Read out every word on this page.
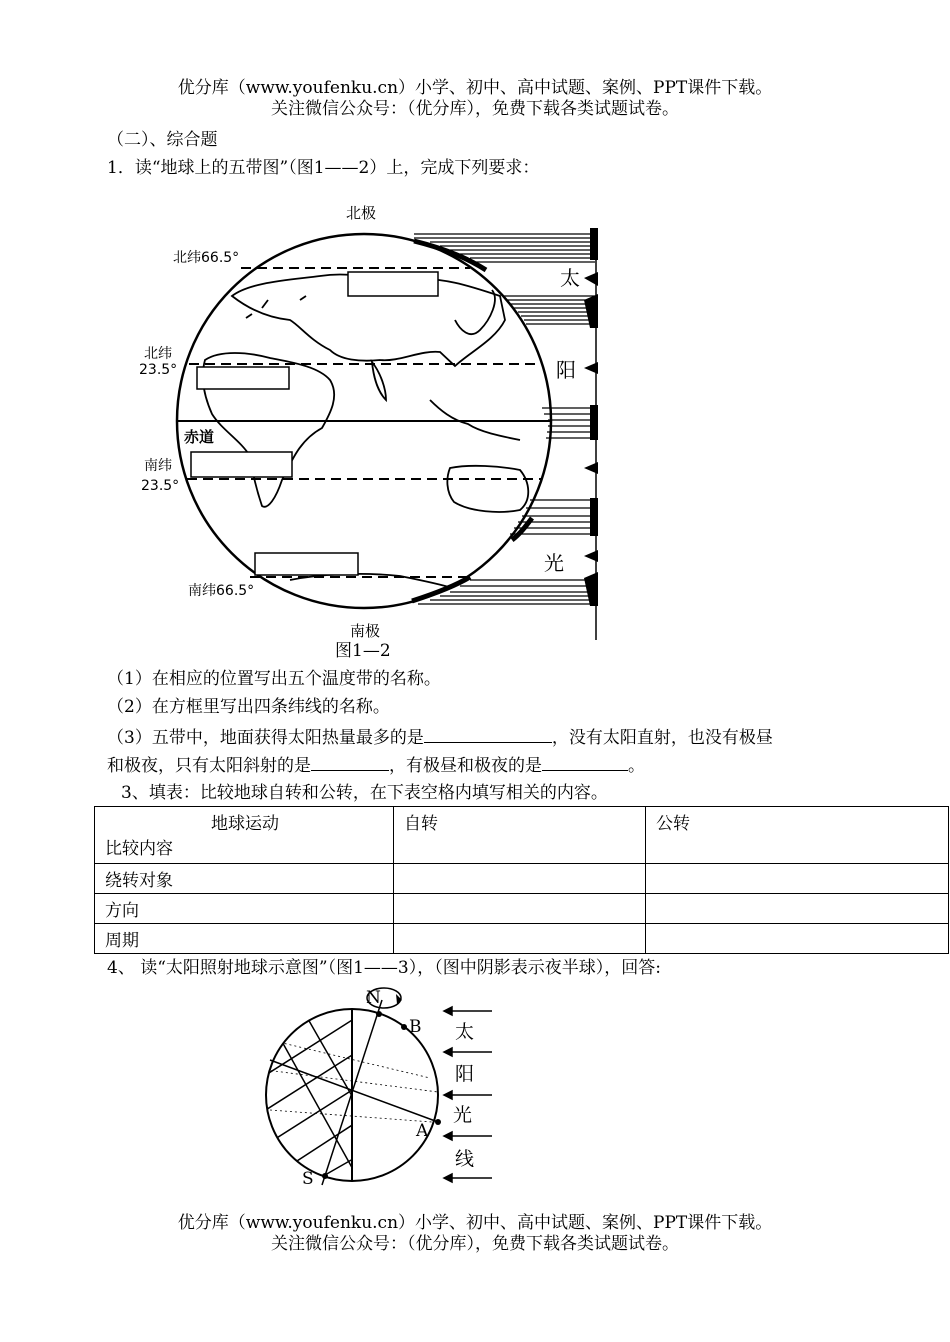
优分库（www.youfenku.cn）小学、初中、高中试题、案例、PPT课件下载。
关注微信公众号：（优分库），免费下载各类试题试卷。
（二）、综合题
1．读“地球上的五带图”（图1——2）上，完成下列要求：
北极
南极
北纬66.5°
北纬
23.5°
赤道
南纬
23.5°
南纬66.5°
太
阳
光
图1—2
（1）在相应的位置写出五个温度带的名称。
（2）在方框里写出四条纬线的名称。
（3）五带中，地面获得太阳热量最多的是	，没有太阳直射，也没有极昼
和极夜，只有太阳斜射的是	，有极昼和极夜的是	。
3、填表：比较地球自转和公转，在下表空格内填写相关的内容。
地球运动
比较内容	自转	公转
绕转对象		
方向		
周期		
4、 读“太阳照射地球示意图”（图1——3），（图中阴影表示夜半球），回答:
N
S
B
A
太
阳
光
线
优分库（www.youfenku.cn）小学、初中、高中试题、案例、PPT课件下载。
关注微信公众号：（优分库），免费下载各类试题试卷。
